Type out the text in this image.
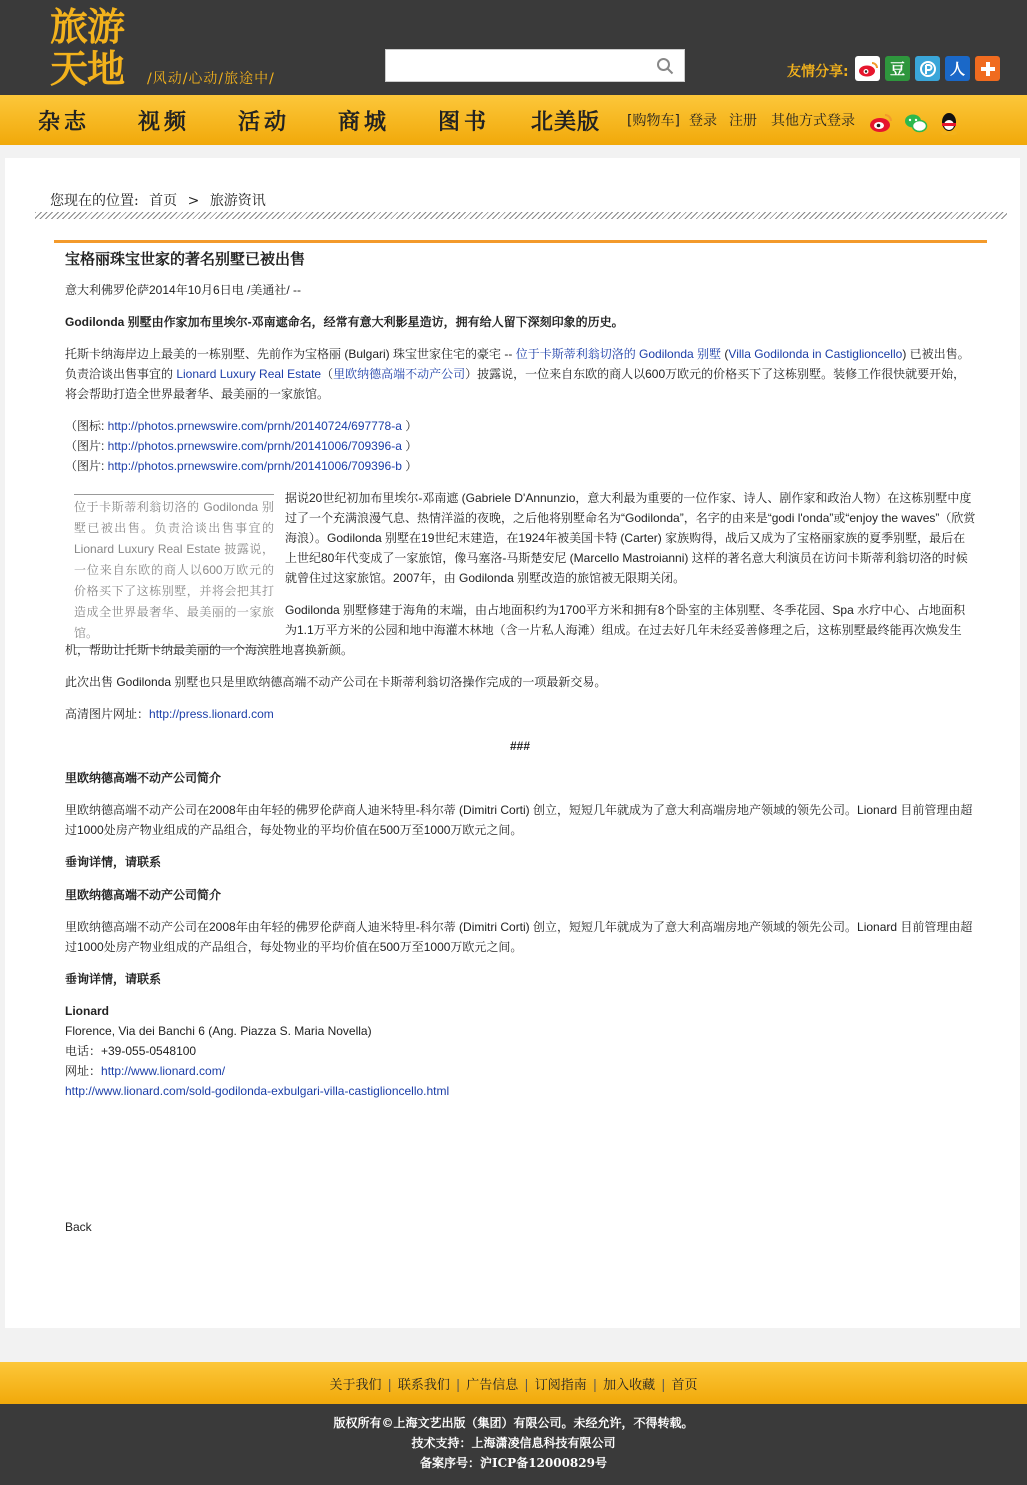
旅游
天地	/风动/心动/旅途中/	友情分享:	豆	人
杂志 视频 活动 商城 图书 北美版 [购物车] 登录 注册 其他方式登录
您现在的位置: 首页 > 旅游资讯
宝格丽珠宝世家的著名别墅已被出售
意大利佛罗伦萨2014年10月6日电 /美通社/ --
Godilonda 别墅由作家加布里埃尔-邓南遮命名，经常有意大利影星造访，拥有给人留下深刻印象的历史。
托斯卡纳海岸边上最美的一栋别墅、先前作为宝格丽 (Bulgari) 珠宝世家住宅的豪宅 -- 位于卡斯蒂利翁切洛的 Godilonda 别墅 (Villa Godilonda in Castiglioncello) 已被出售。
负责洽谈出售事宜的 Lionard Luxury Real Estate（里欧纳德高端不动产公司）披露说，一位来自东欧的商人以600万欧元的价格买下了这栋别墅。装修工作很快就要开始，
将会帮助打造全世界最奢华、最美丽的一家旅馆。
（图标: http://photos.prnewswire.com/prnh/20140724/697778-a ）
（图片: http://photos.prnewswire.com/prnh/20141006/709396-a ）
（图片: http://photos.prnewswire.com/prnh/20141006/709396-b ）
位于卡斯蒂利翁切洛的 Godilonda 别墅已被出售。负责洽谈出售事宜的 Lionard Luxury Real Estate 披露说，一位来自东欧的商人以600万欧元的价格买下了这栋别墅，并将会把其打造成全世界最奢华、最美丽的一家旅馆。
据说20世纪初加布里埃尔-邓南遮 (Gabriele D'Annunzio，意大利最为重要的一位作家、诗人、剧作家和政治人物）在这栋别墅中度
过了一个充满浪漫气息、热情洋溢的夜晚，之后他将别墅命名为“Godilonda”，名字的由来是“godi l'onda”或“enjoy the waves”（欣赏
海浪）。Godilonda 别墅在19世纪末建造，在1924年被美国卡特 (Carter) 家族购得，战后又成为了宝格丽家族的夏季别墅，最后在
上世纪80年代变成了一家旅馆，像马塞洛-马斯楚安尼 (Marcello Mastroianni) 这样的著名意大利演员在访问卡斯蒂利翁切洛的时候
就曾住过这家旅馆。2007年，由 Godilonda 别墅改造的旅馆被无限期关闭。
Godilonda 别墅修建于海角的末端，由占地面积约为1700平方米和拥有8个卧室的主体别墅、冬季花园、Spa 水疗中心、占地面积
为1.1万平方米的公园和地中海灌木林地（含一片私人海滩）组成。在过去好几年未经妥善修理之后，这栋别墅最终能再次焕发生
机，帮助让托斯卡纳最美丽的一个海滨胜地喜换新颜。
此次出售 Godilonda 别墅也只是里欧纳德高端不动产公司在卡斯蒂利翁切洛操作完成的一项最新交易。
高清图片网址：http://press.lionard.com
###
里欧纳德高端不动产公司简介
里欧纳德高端不动产公司在2008年由年轻的佛罗伦萨商人迪米特里-科尔蒂 (Dimitri Corti) 创立，短短几年就成为了意大利高端房地产领域的领先公司。Lionard 目前管理由超
过1000处房产物业组成的产品组合，每处物业的平均价值在500万至1000万欧元之间。
垂询详情，请联系
里欧纳德高端不动产公司简介
里欧纳德高端不动产公司在2008年由年轻的佛罗伦萨商人迪米特里-科尔蒂 (Dimitri Corti) 创立，短短几年就成为了意大利高端房地产领域的领先公司。Lionard 目前管理由超
过1000处房产物业组成的产品组合，每处物业的平均价值在500万至1000万欧元之间。
垂询详情，请联系
Lionard
Florence, Via dei Banchi 6 (Ang. Piazza S. Maria Novella)
电话：+39-055-0548100
网址：http://www.lionard.com/
http://www.lionard.com/sold-godilonda-exbulgari-villa-castiglioncello.html
Back
关于我们 | 联系我们 | 广告信息 | 订阅指南 | 加入收藏 | 首页
版权所有©上海文艺出版（集团）有限公司。未经允许，不得转载。
技术支持：上海潇凌信息科技有限公司
备案序号：沪ICP备12000829号
